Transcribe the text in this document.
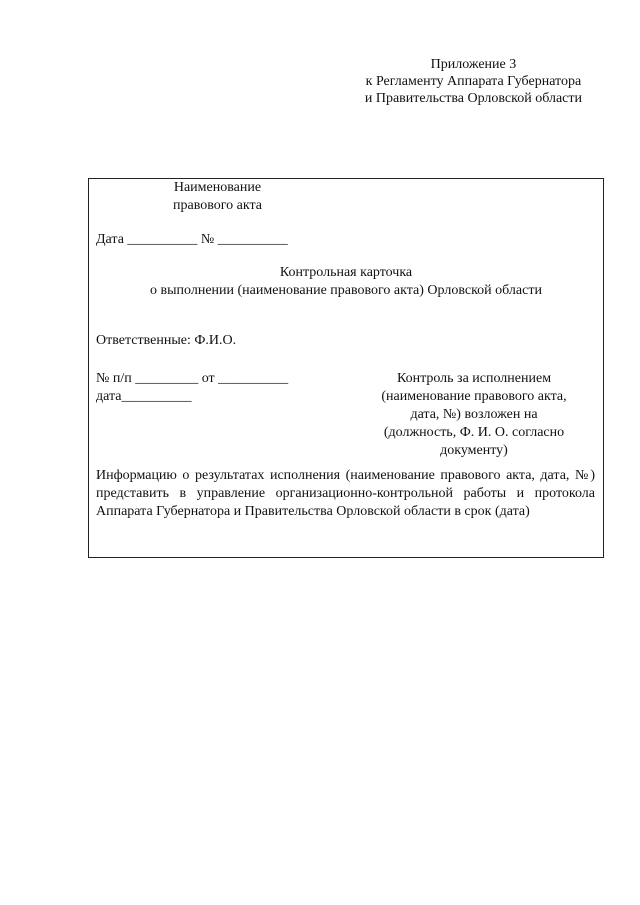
Приложение 3
к Регламенту Аппарата Губернатора
и Правительства Орловской области
Наименование
правового акта
Дата __________ № __________
Контрольная карточка
о выполнении (наименование правового акта) Орловской области
Ответственные: Ф.И.О.
№ п/п _________ от __________
дата__________
Контроль за исполнением
(наименование правового акта,
дата, №) возложен на
(должность, Ф. И. О. согласно
документу)
Информацию о результатах исполнения (наименование правового акта, дата, №) представить в управление организационно-контрольной работы и протокола Аппарата Губернатора и Правительства Орловской области в срок (дата)
